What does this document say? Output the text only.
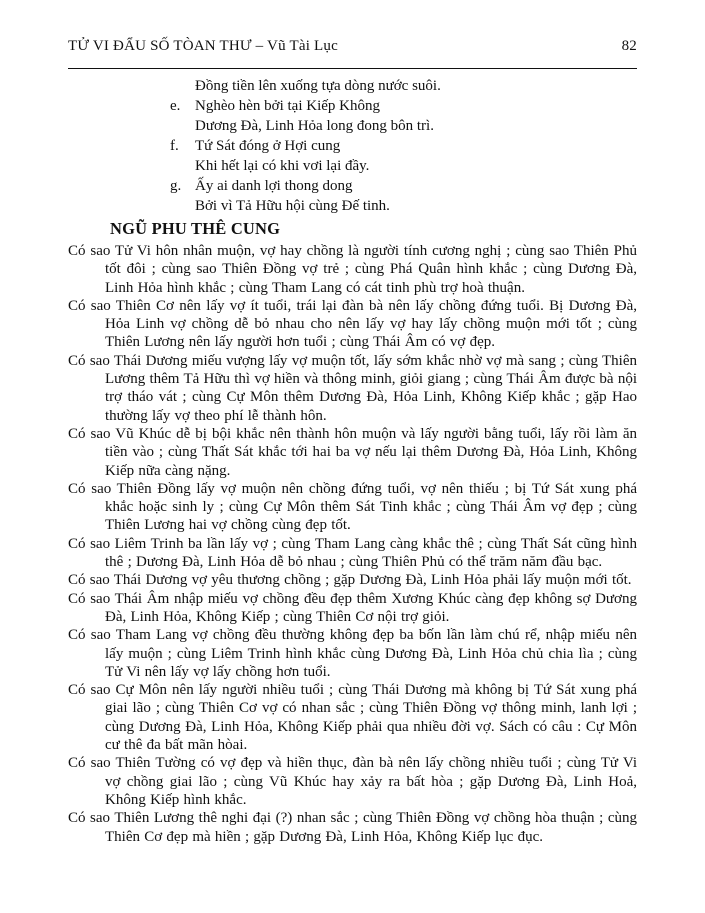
TỬ VI ĐẨU SỐ TÒAN THƯ – Vũ Tài Lục	82
Đồng tiền lên xuống tựa dòng nước suôi.
e. Nghèo hèn bởi tại Kiếp Không
Dương Đà, Linh Hỏa long đong bôn trì.
f.	Tứ Sát đóng ở Hợi cung
Khi hết lại có khi vơi lại đầy.
g. Ấy ai danh lợi thong dong
Bởi vì Tả Hữu hội cùng Đế tinh.
NGŨ PHU THÊ CUNG

Có sao Tử Vi hôn nhân muộn, vợ hay chồng là người tính cương nghị ; cùng sao Thiên Phủ tốt đôi ; cùng sao Thiên Đồng vợ trẻ ; cùng Phá Quân hình khắc ; cùng Dương Đà, Linh Hỏa hình khắc ; cùng Tham Lang có cát tinh phù trợ hoà thuận.

Có sao Thiên Cơ nên lấy vợ ít tuổi, trái lại đàn bà nên lấy chồng đứng tuổi. Bị Dương Đà, Hỏa Linh vợ chồng dễ bỏ nhau cho nên lấy vợ hay lấy chồng muộn mới tốt ; cùng Thiên Lương nên lấy người hơn tuổi ; cùng Thái Âm có vợ đẹp.

Có sao Thái Dương miếu vượng lấy vợ muộn tốt, lấy sớm khắc nhờ vợ mà sang ; cùng Thiên Lương thêm Tả Hữu thì vợ hiền và thông minh, giỏi giang ; cùng Thái Âm được bà nội trợ tháo vát ; cùng Cự Môn thêm Dương Đà, Hỏa Linh, Không Kiếp khắc ; gặp Hao thường lấy vợ theo phí lễ thành hôn.

Có sao Vũ Khúc dễ bị bội khắc nên thành hôn muộn và lấy người bằng tuổi, lấy rồi làm ăn tiền vào ; cùng Thất Sát khắc tới hai ba vợ nếu lại thêm Dương Đà, Hỏa Linh, Không Kiếp nữa càng nặng.

Có sao Thiên Đồng lấy vợ muộn nên chồng đứng tuổi, vợ nên thiếu ; bị Tứ Sát xung phá khắc hoặc sinh ly ; cùng Cự Môn thêm Sát Tinh khắc ; cùng Thái Âm vợ đẹp ; cùng Thiên Lương hai vợ chồng cùng đẹp tốt.

Có sao Liêm Trinh ba lần lấy vợ ; cùng Tham Lang càng khắc thê ; cùng Thất Sát cũng hình thê ; Dương Đà, Linh Hỏa dễ bỏ nhau ; cùng Thiên Phủ có thể trăm năm đầu bạc.

Có sao Thái Dương vợ yêu thương chồng ; gặp Dương Đà, Linh Hỏa phải lấy muộn mới tốt.

Có sao Thái Âm nhập miếu vợ chồng đều đẹp thêm Xương Khúc càng đẹp không sợ Dương Đà, Linh Hỏa, Không Kiếp ; cùng Thiên Cơ nội trợ giỏi.

Có sao Tham Lang vợ chồng đều thường không đẹp ba bốn lần làm chú rể, nhập miếu nên lấy muộn ; cùng Liêm Trinh hình khắc cùng Dương Đà, Linh Hỏa chủ chia lìa ; cùng Tử Vi nên lấy vợ lấy chồng hơn tuổi.

Có sao Cự Môn nên lấy người nhiều tuổi ; cùng Thái Dương mà không bị Tứ Sát xung phá giai lão ; cùng Thiên Cơ vợ có nhan sắc ; cùng Thiên Đồng vợ thông minh, lanh lợi ; cùng Dương Đà, Linh Hỏa, Không Kiếp phải qua nhiều đời vợ. Sách có câu : Cự Môn cư thê đa bất mãn hòai.

Có sao Thiên Tường có vợ đẹp và hiền thục, đàn bà nên lấy chồng nhiều tuổi ; cùng Tử Vi vợ chồng giai lão ; cùng Vũ Khúc hay xảy ra bất hòa ; gặp Dương Đà, Linh Hoả, Không Kiếp hình khắc.

Có sao Thiên Lương thê nghi đại (?) nhan sắc ; cùng Thiên Đồng vợ chồng hòa thuận ; cùng Thiên Cơ đẹp mà hiền ; gặp Dương Đà, Linh Hỏa, Không Kiếp lục đục.
